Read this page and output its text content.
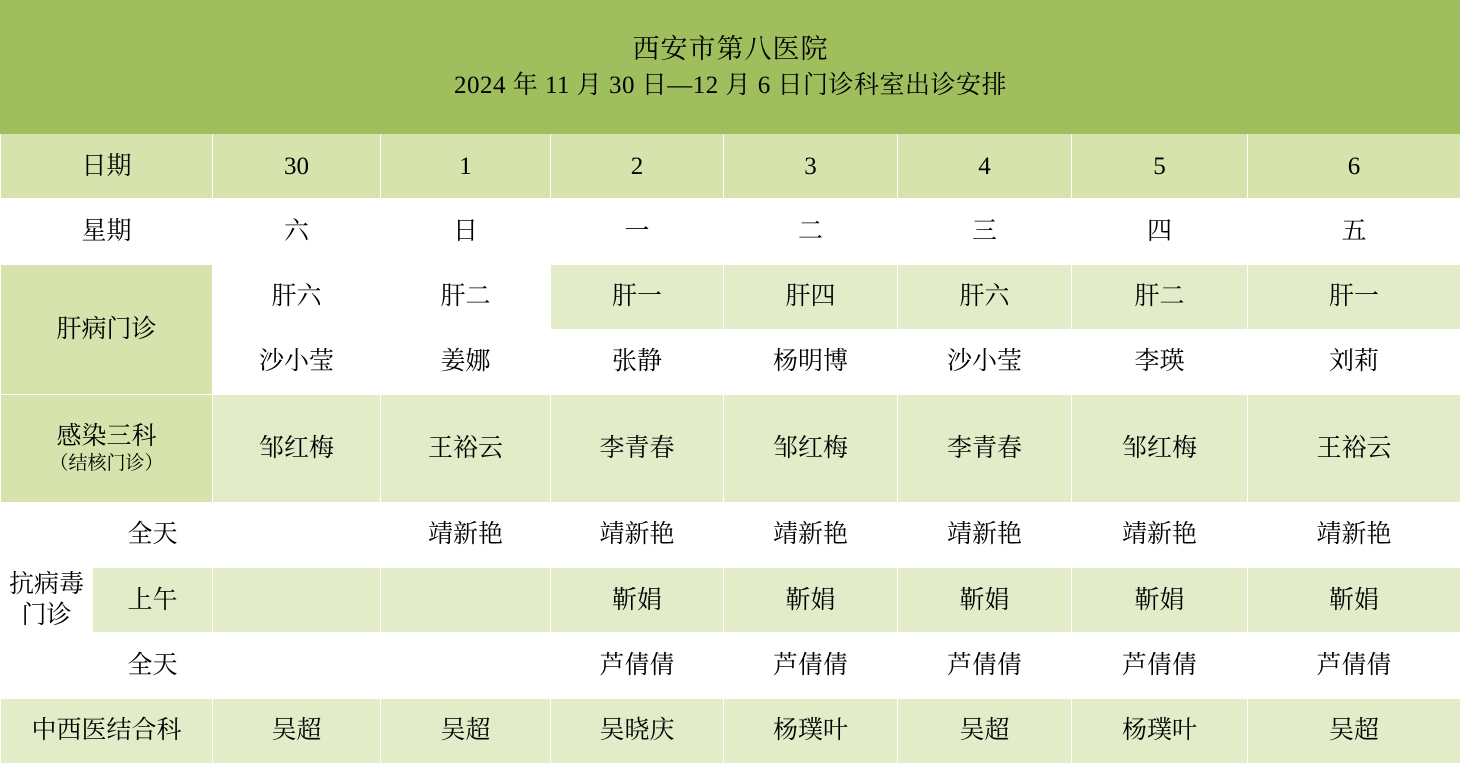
西安市第八医院
2024 年 11 月 30 日—12 月 6 日门诊科室出诊安排								

日期		30	1	2	3	4	5	6
星期		六	日	一	二	三	四	五
肝病门诊		肝六	肝二	肝一	肝四	肝六	肝二	肝一
		沙小莹	姜娜	张静	杨明博	沙小莹	李瑛	刘莉
感染三科
（结核门诊）		邹红梅	王裕云	李青春	邹红梅	李青春	邹红梅	王裕云
抗病毒门诊	全天		靖新艳	靖新艳	靖新艳	靖新艳	靖新艳	靖新艳
	上午			靳娟	靳娟	靳娟	靳娟	靳娟
	全天			芦倩倩	芦倩倩	芦倩倩	芦倩倩	芦倩倩
中西医结合科		吴超	吴超	吴晓庆	杨璞叶	吴超	杨璞叶	吴超
